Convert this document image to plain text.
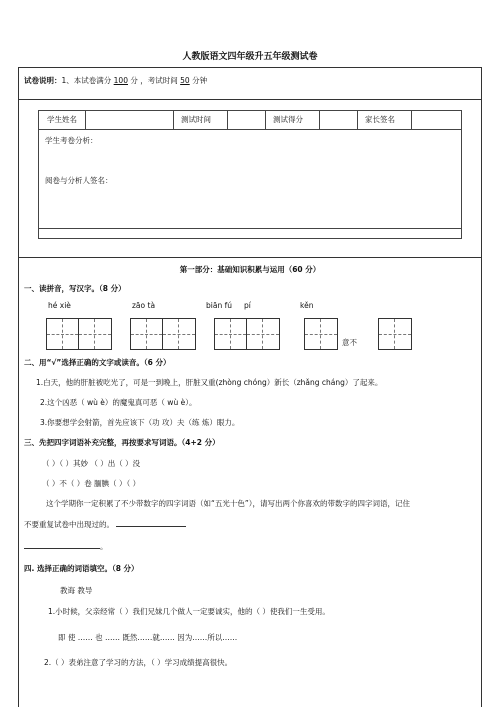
人教版语文四年级升五年级测试卷
试卷说明：1、本试卷满分 100 分 ，考试时间 50 分钟
学生姓名	测试时间	测试得分	家长签名
学生考卷分析：
阅卷与分析人签名：
第一部分：基础知识积累与运用（60 分）
一、读拼音，写汉字。（8 分）
hé xiè	zāo tà	biān fú pí	kěn
意不
二、用“√”选择正确的文字或读音。（6 分）
1.白天，他的肝脏被吃光了，可是一到晚上，肝脏又重(zhòng chóng）新长（zhǎng cháng）了起来。
2.这个凶恶（ wù è）的魔鬼真可恶（ wù è）。
3.你要想学会射箭，首先应该下（功 攻）夫（练 炼）眼力。
三、先把四字词语补充完整，再按要求写词语。（4+2 分）
（ ）（ ）其妙 （ ）出（ ）没
（ ）不（ ）卷 腼腆（ ）（ ）
这个学期你一定积累了不少带数字的四字词语（如“五光十色”），请写出两个你喜欢的带数字的四字词语，记住
不要重复试卷中出现过的。
。
四. 选择正确的词语填空。（8 分）
教诲 教导
1.小时候，父亲经常（ ）我们兄妹几个做人一定要诚实，他的（ ）使我们一生受用。
即 使 …… 也 …… 既然……就…… 因为……所以……
2.（ ）表弟注意了学习的方法，（ ）学习成绩提高很快。
